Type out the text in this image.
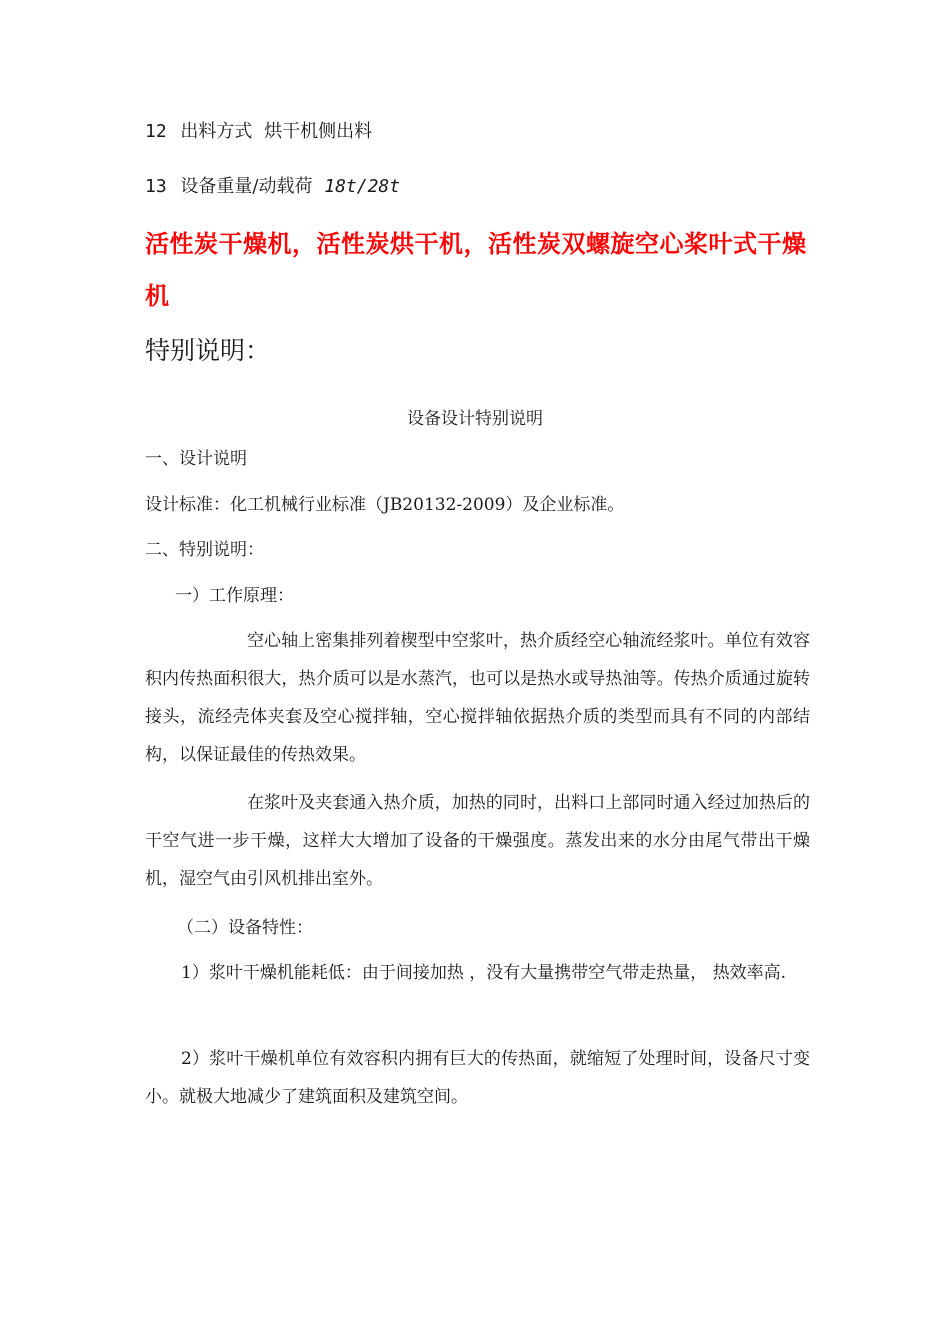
12 出料方式 烘干机侧出料
13 设备重量/动载荷 18t/28t
活性炭干燥机，活性炭烘干机，活性炭双螺旋空心桨叶式干燥机
特别说明：
设备设计特别说明
一、设计说明
设计标准：化工机械行业标准（JB20132-2009）及企业标准。
二、特别说明：
一）工作原理：
空心轴上密集排列着楔型中空浆叶，热介质经空心轴流经浆叶。单位有效容积内传热面积很大，热介质可以是水蒸汽，也可以是热水或导热油等。传热介质通过旋转接头，流经壳体夹套及空心搅拌轴，空心搅拌轴依据热介质的类型而具有不同的内部结构，以保证最佳的传热效果。
在浆叶及夹套通入热介质，加热的同时，出料口上部同时通入经过加热后的干空气进一步干燥，这样大大增加了设备的干燥强度。蒸发出来的水分由尾气带出干燥机，湿空气由引风机排出室外。
（二）设备特性：
1）浆叶干燥机能耗低：由于间接加热 ，没有大量携带空气带走热量， 热效率高.
2）浆叶干燥机单位有效容积内拥有巨大的传热面，就缩短了处理时间，设备尺寸变小。就极大地减少了建筑面积及建筑空间。
